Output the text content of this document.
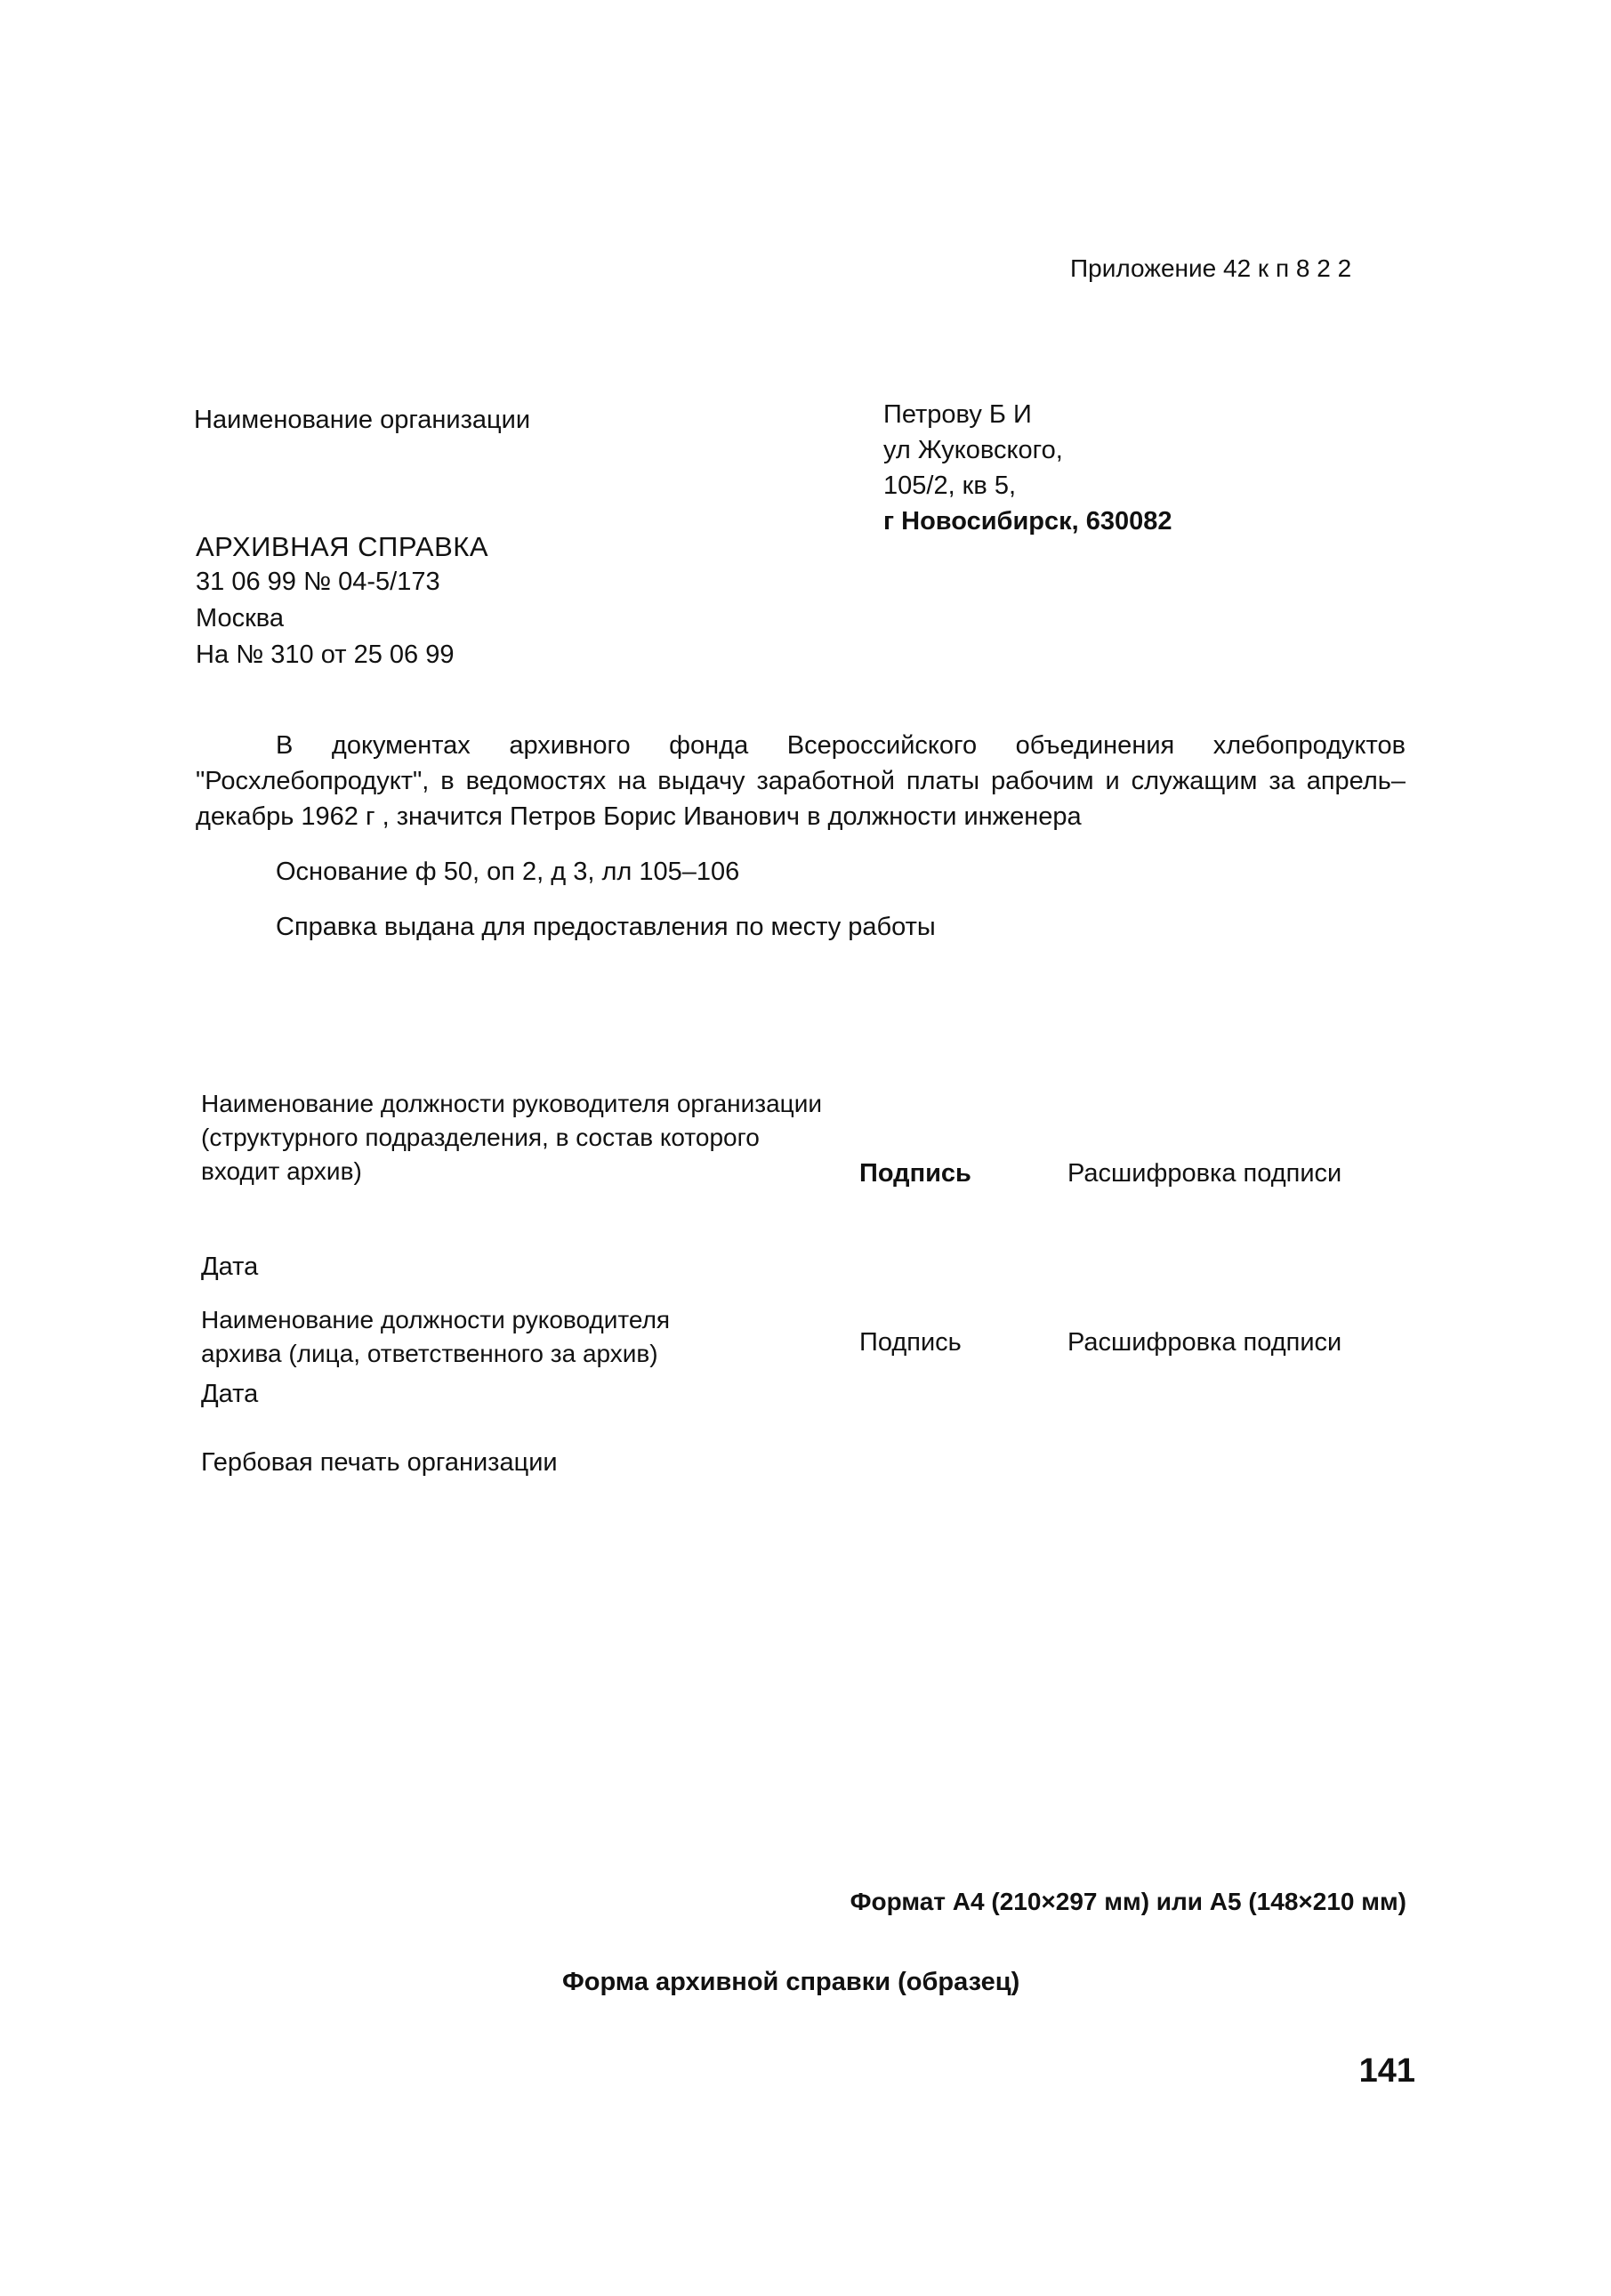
Приложение 42 к п 8 2 2
Наименование организации	Петрову Б И
ул Жуковского,
105/2, кв 5,
г Новосибирск, 630082
АРХИВНАЯ СПРАВКА
31 06 99 № 04-5/173
Москва
На № 310 от 25 06 99

В документах архивного фонда Всероссийского объединения хлебопродуктов "Росхлебопродукт", в ведомостях на выдачу заработной платы рабочим и служащим за апрель–декабрь 1962 г , значится Петров Борис Иванович в должности инженера

Основание ф 50, оп 2, д 3, лл 105–106

Справка выдана для предоставления по месту работы

Наименование должности руководителя организации (структурного подразделения, в состав которого входит архив)	Подпись	Расшифровка подписи
Дата
Наименование должности руководителя архива (лица, ответственного за архив)	Подпись	Расшифровка подписи
Дата
Гербовая печать организации
Формат А4 (210×297 мм) или А5 (148×210 мм)
Форма архивной справки (образец)
141
